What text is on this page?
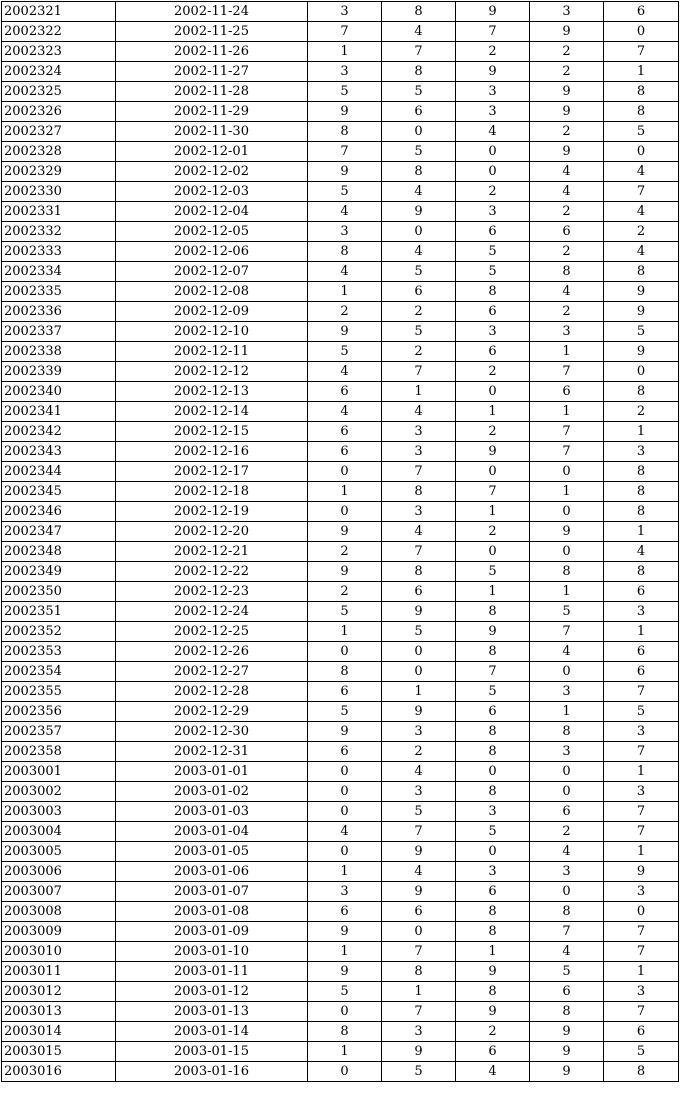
2002321	2002-11-24	3	8	9	3	6
2002322	2002-11-25	7	4	7	9	0
2002323	2002-11-26	1	7	2	2	7
2002324	2002-11-27	3	8	9	2	1
2002325	2002-11-28	5	5	3	9	8
2002326	2002-11-29	9	6	3	9	8
2002327	2002-11-30	8	0	4	2	5
2002328	2002-12-01	7	5	0	9	0
2002329	2002-12-02	9	8	0	4	4
2002330	2002-12-03	5	4	2	4	7
2002331	2002-12-04	4	9	3	2	4
2002332	2002-12-05	3	0	6	6	2
2002333	2002-12-06	8	4	5	2	4
2002334	2002-12-07	4	5	5	8	8
2002335	2002-12-08	1	6	8	4	9
2002336	2002-12-09	2	2	6	2	9
2002337	2002-12-10	9	5	3	3	5
2002338	2002-12-11	5	2	6	1	9
2002339	2002-12-12	4	7	2	7	0
2002340	2002-12-13	6	1	0	6	8
2002341	2002-12-14	4	4	1	1	2
2002342	2002-12-15	6	3	2	7	1
2002343	2002-12-16	6	3	9	7	3
2002344	2002-12-17	0	7	0	0	8
2002345	2002-12-18	1	8	7	1	8
2002346	2002-12-19	0	3	1	0	8
2002347	2002-12-20	9	4	2	9	1
2002348	2002-12-21	2	7	0	0	4
2002349	2002-12-22	9	8	5	8	8
2002350	2002-12-23	2	6	1	1	6
2002351	2002-12-24	5	9	8	5	3
2002352	2002-12-25	1	5	9	7	1
2002353	2002-12-26	0	0	8	4	6
2002354	2002-12-27	8	0	7	0	6
2002355	2002-12-28	6	1	5	3	7
2002356	2002-12-29	5	9	6	1	5
2002357	2002-12-30	9	3	8	8	3
2002358	2002-12-31	6	2	8	3	7
2003001	2003-01-01	0	4	0	0	1
2003002	2003-01-02	0	3	8	0	3
2003003	2003-01-03	0	5	3	6	7
2003004	2003-01-04	4	7	5	2	7
2003005	2003-01-05	0	9	0	4	1
2003006	2003-01-06	1	4	3	3	9
2003007	2003-01-07	3	9	6	0	3
2003008	2003-01-08	6	6	8	8	0
2003009	2003-01-09	9	0	8	7	7
2003010	2003-01-10	1	7	1	4	7
2003011	2003-01-11	9	8	9	5	1
2003012	2003-01-12	5	1	8	6	3
2003013	2003-01-13	0	7	9	8	7
2003014	2003-01-14	8	3	2	9	6
2003015	2003-01-15	1	9	6	9	5
2003016	2003-01-16	0	5	4	9	8
